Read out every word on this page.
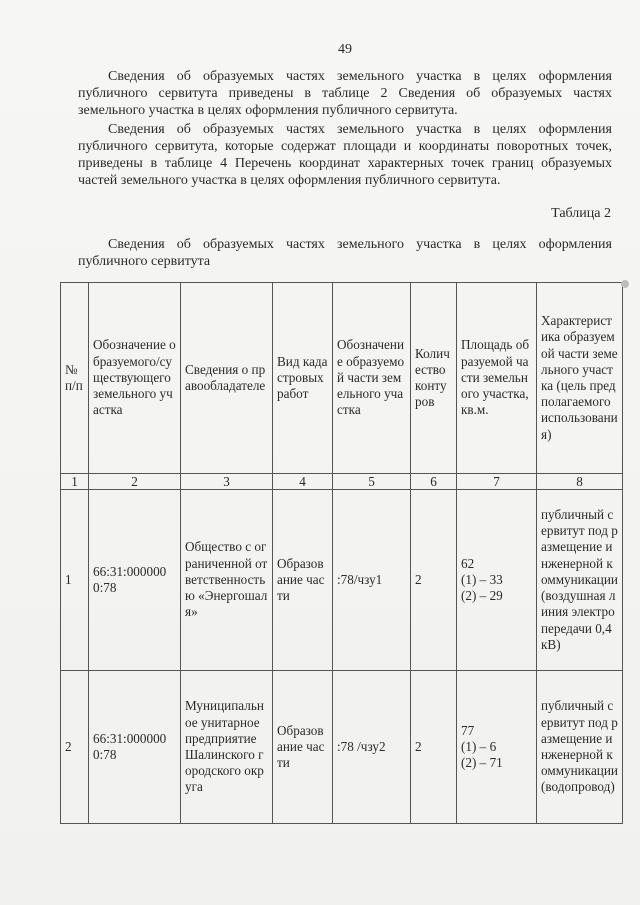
49
Сведения об образуемых частях земельного участка в целях оформления публичного сервитута приведены в таблице 2 Сведения об образуемых частях земельного участка в целях оформления публичного сервитута.
Сведения об образуемых частях земельного участка в целях оформления публичного сервитута, которые содержат площади и координаты поворотных точек, приведены в таблице 4 Перечень координат характерных точек границ образуемых частей земельного участка в целях оформления публичного сервитута.
Таблица 2
Сведения об образуемых частях земельного участка в целях оформления публичного сервитута
№ п/п	Обозначение образуемого/существующего земельного участка	Сведения о правообладателе	Вид кадастровых работ	Обозначение образуемой части земельного участка	Количество контуров	Площадь образуемой части земельного участка, кв.м.	Характеристика образуемой части земельного участка (цель предполагаемого использования)
1	2	3	4	5	6	7	8
1	66:31:0000000:78	Общество с ограниченной ответственностью «Энергошаля»	Образование части	:78/чзу1	2	62
(1) – 33
(2) – 29	публичный сервитут под размещение инженерной коммуникации (воздушная линия электропередачи 0,4 кВ)
2	66:31:0000000:78	Муниципальное унитарное предприятие Шалинского городского округа	Образование части	:78 /чзу2	2	77
(1) – 6
(2) – 71	публичный сервитут под размещение инженерной коммуникации (водопровод)
